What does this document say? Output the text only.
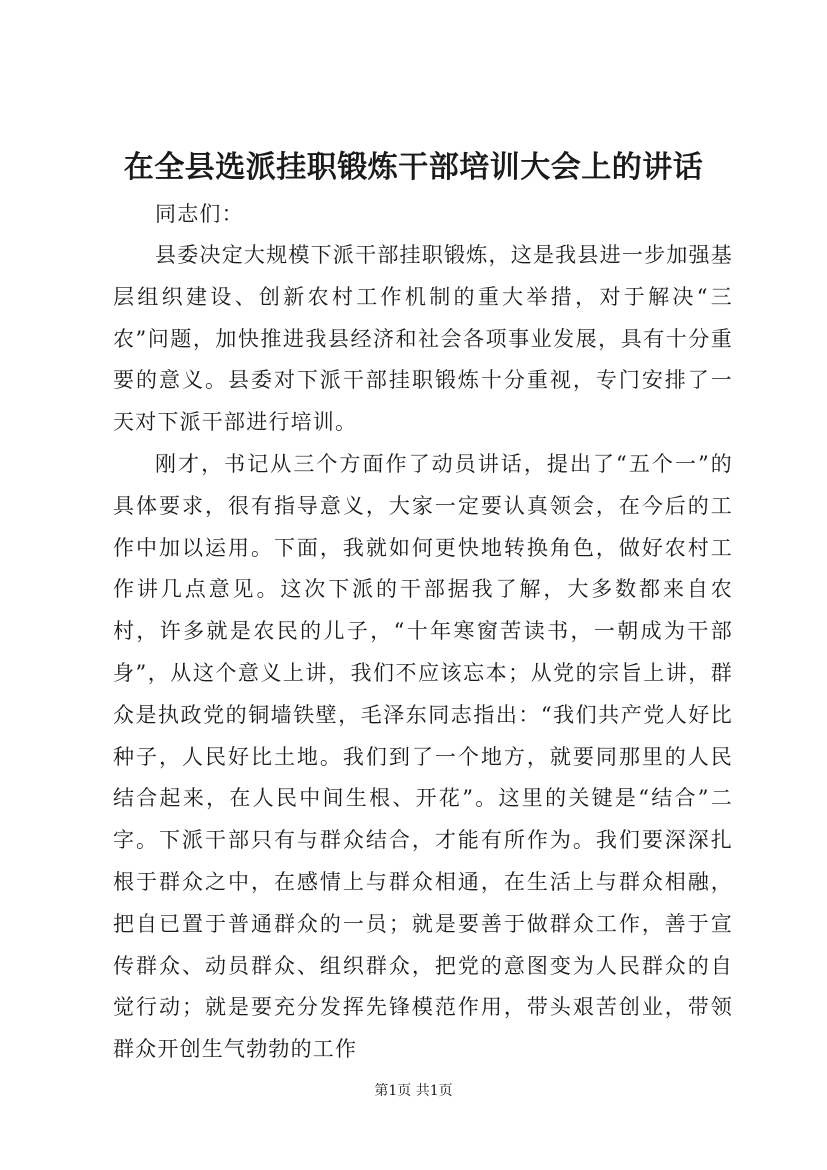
在全县选派挂职锻炼干部培训大会上的讲话

同志们：

县委决定大规模下派干部挂职锻炼，这是我县进一步加强基层组织建设、创新农村工作机制的重大举措，对于解决“三农”问题，加快推进我县经济和社会各项事业发展，具有十分重要的意义。县委对下派干部挂职锻炼十分重视，专门安排了一天对下派干部进行培训。

刚才，书记从三个方面作了动员讲话，提出了“五个一”的具体要求，很有指导意义，大家一定要认真领会，在今后的工作中加以运用。下面，我就如何更快地转换角色，做好农村工作讲几点意见。这次下派的干部据我了解，大多数都来自农村，许多就是农民的儿子，“十年寒窗苦读书，一朝成为干部身”，从这个意义上讲，我们不应该忘本；从党的宗旨上讲，群众是执政党的铜墙铁壁，毛泽东同志指出：“我们共产党人好比种子，人民好比土地。我们到了一个地方，就要同那里的人民结合起来，在人民中间生根、开花”。这里的关键是“结合”二字。下派干部只有与群众结合，才能有所作为。我们要深深扎根于群众之中，在感情上与群众相通，在生活上与群众相融，把自已置于普通群众的一员；就是要善于做群众工作，善于宣传群众、动员群众、组织群众，把党的意图变为人民群众的自觉行动；就是要充分发挥先锋模范作用，带头艰苦创业，带领群众开创生气勃勃的工作

第1页 共1页
